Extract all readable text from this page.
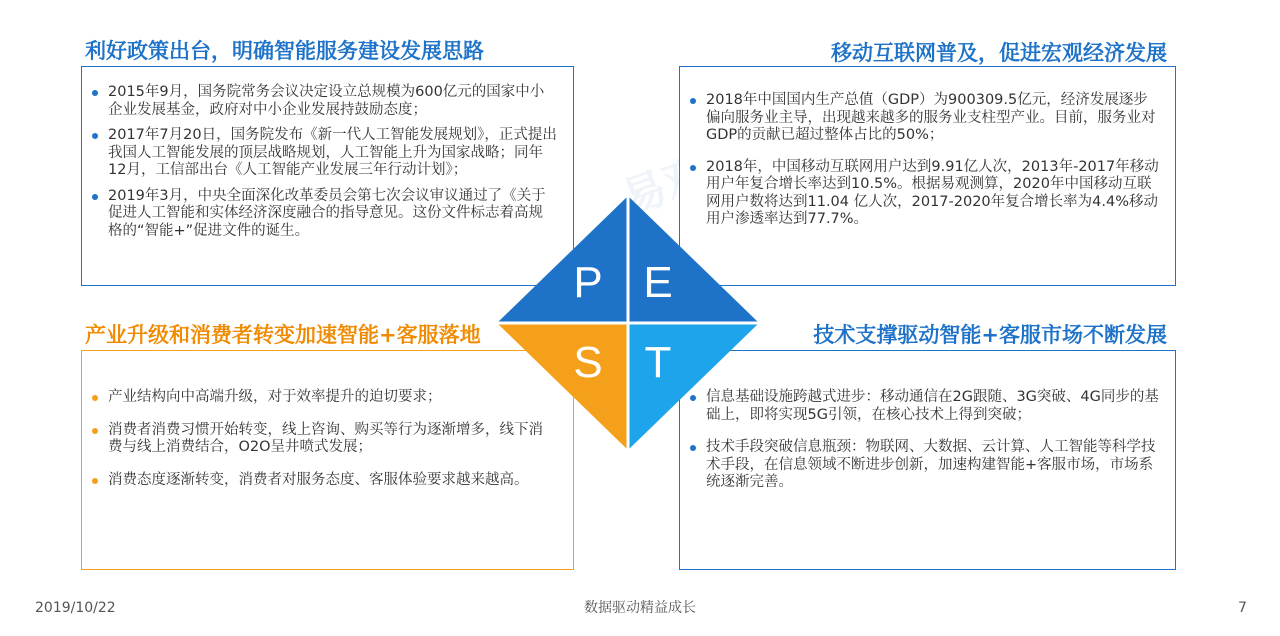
易观
利好政策出台，明确智能服务建设发展思路
2015年9月，国务院常务会议决定设立总规模为600亿元的国家中小企业发展基金，政府对中小企业发展持鼓励态度；
2017年7月20日，国务院发布《新一代人工智能发展规划》，正式提出我国人工智能发展的顶层战略规划，人工智能上升为国家战略；同年12月，工信部出台《人工智能产业发展三年行动计划》；
2019年3月，中央全面深化改革委员会第七次会议审议通过了《关于促进人工智能和实体经济深度融合的指导意见。这份文件标志着高规格的“智能+”促进文件的诞生。
移动互联网普及，促进宏观经济发展
2018年中国国内生产总值（GDP）为900309.5亿元，经济发展逐步偏向服务业主导，出现越来越多的服务业支柱型产业。目前，服务业对GDP的贡献已超过整体占比的50%；
2018年，中国移动互联网用户达到9.91亿人次，2013年-2017年移动用户年复合增长率达到10.5%。根据易观测算，2020年中国移动互联网用户数将达到11.04 亿人次，2017-2020年复合增长率为4.4%移动用户渗透率达到77.7%。
产业升级和消费者转变加速智能+客服落地
产业结构向中高端升级，对于效率提升的迫切要求；
消费者消费习惯开始转变，线上咨询、购买等行为逐渐增多，线下消费与线上消费结合，O2O呈井喷式发展；
消费态度逐渐转变，消费者对服务态度、客服体验要求越来越高。
技术支撑驱动智能+客服市场不断发展
信息基础设施跨越式进步：移动通信在2G跟随、3G突破、4G同步的基础上，即将实现5G引领，在核心技术上得到突破；
技术手段突破信息瓶颈：物联网、大数据、云计算、人工智能等科学技术手段，在信息领域不断进步创新，加速构建智能+客服市场，市场系统逐渐完善。
P E
S T
2019/10/22	数据驱动精益成长	7
